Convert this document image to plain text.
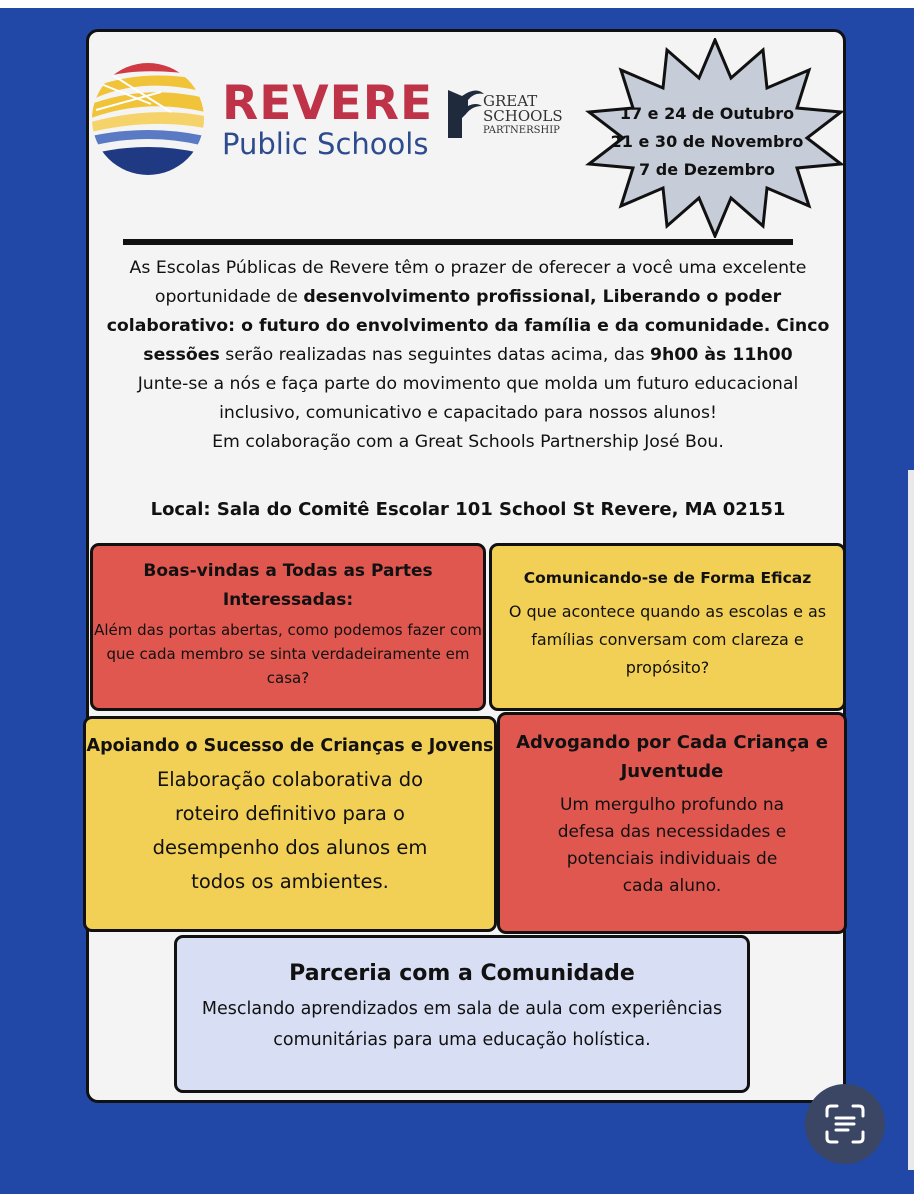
REVERE
Public Schools
GREAT
SCHOOLS
PARTNERSHIP
17 e 24 de Outubro
21 e 30 de Novembro
7 de Dezembro
As Escolas Públicas de Revere têm o prazer de oferecer a você uma excelente oportunidade de desenvolvimento profissional, Liberando o poder colaborativo: o futuro do envolvimento da família e da comunidade. Cinco sessões serão realizadas nas seguintes datas acima, das 9h00 às 11h00
Junte-se a nós e faça parte do movimento que molda um futuro educacional inclusivo, comunicativo e capacitado para nossos alunos!
Em colaboração com a Great Schools Partnership José Bou.
Local: Sala do Comitê Escolar 101 School St Revere, MA 02151
Boas-vindas a Todas as Partes Interessadas:
Além das portas abertas, como podemos fazer com que cada membro se sinta verdadeiramente em casa?
Comunicando-se de Forma Eficaz
O que acontece quando as escolas e as famílias conversam com clareza e propósito?
Apoiando o Sucesso de Crianças e Jovens
Elaboração colaborativa do roteiro definitivo para o desempenho dos alunos em todos os ambientes.
Advogando por Cada Criança e Juventude
Um mergulho profundo na defesa das necessidades e potenciais individuais de cada aluno.
Parceria com a Comunidade
Mesclando aprendizados em sala de aula com experiências comunitárias para uma educação holística.
